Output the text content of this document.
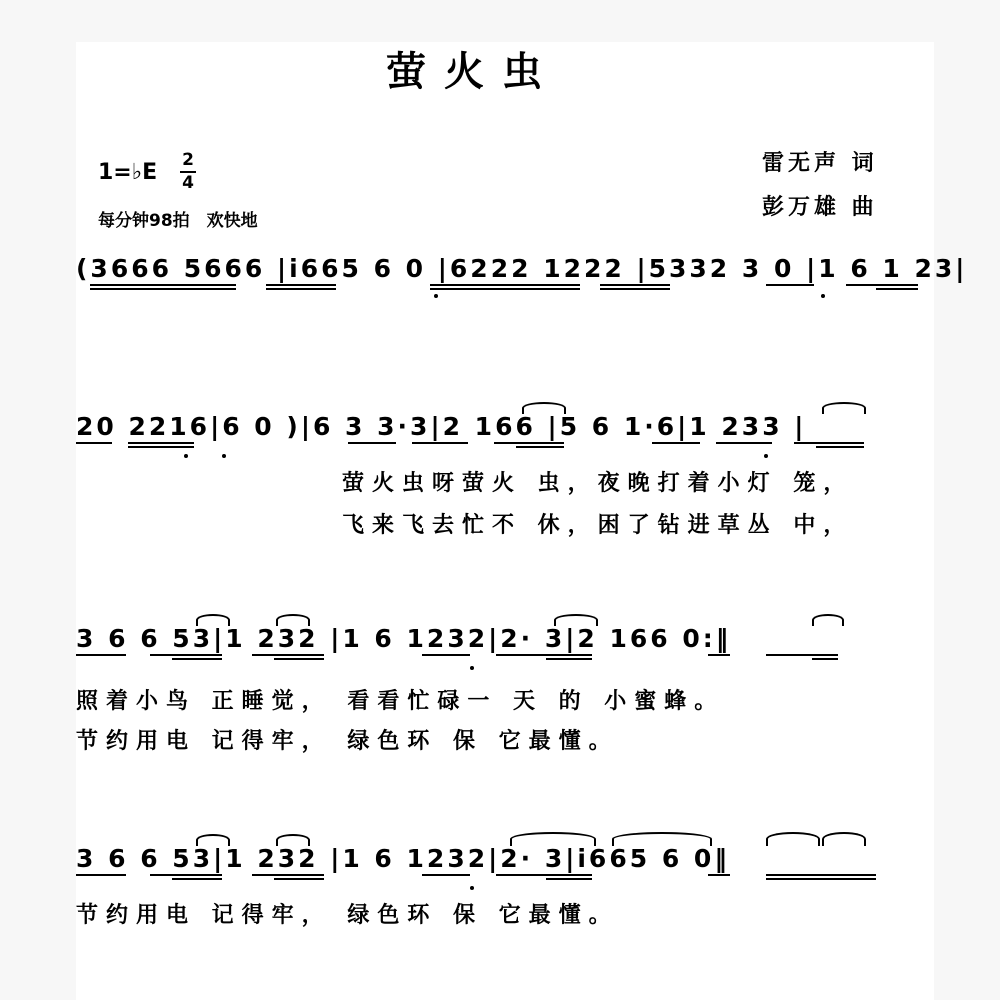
萤火虫
1=♭E 2
4
每分钟98拍　欢快地
雷无声 词
彭万雄 曲
(3666 5666 |i665 6 0 |6222 1222 |5332 3 0 |1 6 1 23|
20 2216|6 0 )|6 3 3·3|2 166 |5 6 1·6|1 233 |
萤火虫呀萤火 虫，夜晚打着小灯 笼，
飞来飞去忙不 休，困了钻进草丛 中，
3 6 6 53|1 232 |1 6 1232|2· 3|2 166 0:‖
照着小鸟 正睡觉， 看看忙碌一 天 的 小蜜蜂。
节约用电 记得牢， 绿色环 保 它最懂。
3 6 6 53|1 232 |1 6 1232|2· 3|i665 6 0‖
节约用电 记得牢， 绿色环 保 它最懂。
